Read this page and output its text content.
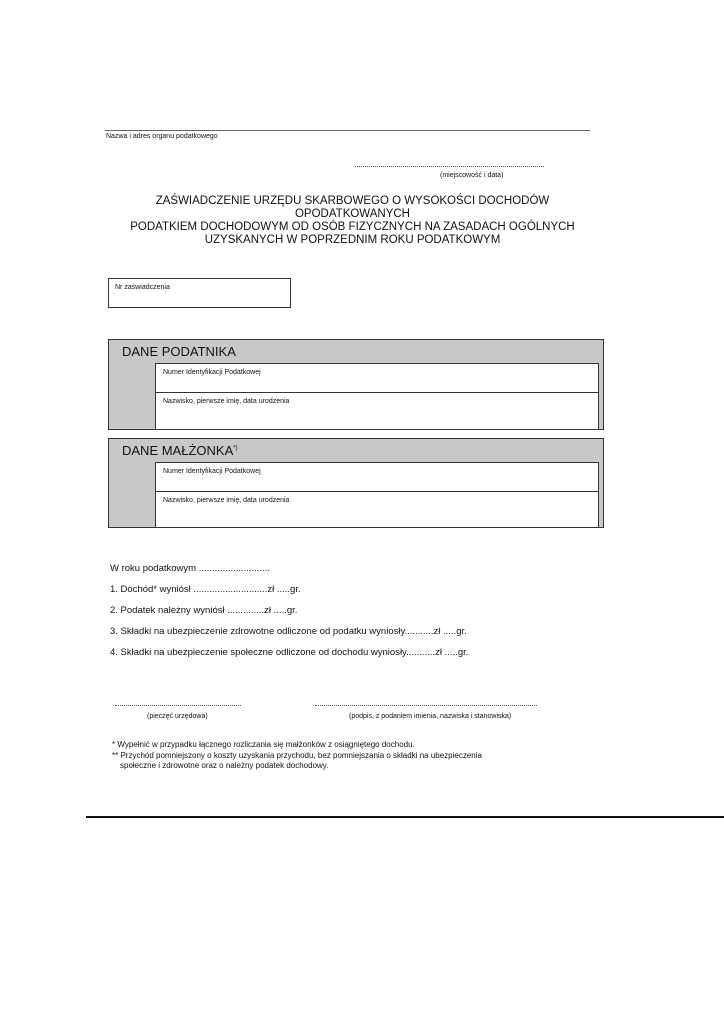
Nazwa i adres organu podatkowego
(miejscowość i data)
ZAŚWIADCZENIE URZĘDU SKARBOWEGO O WYSOKOŚCI DOCHODÓW OPODATKOWANYCH
PODATKIEM DOCHODOWYM OD OSÓB FIZYCZNYCH NA ZASADACH OGÓLNYCH
UZYSKANYCH W POPRZEDNIM ROKU PODATKOWYM
Nr zaświadczenia
DANE PODATNIKA
Numer Identyfikacji Podatkowej
Nazwisko, pierwsze imię, data urodzenia
DANE MAŁŻONKA*)
Numer Identyfikacji Podatkowej
Nazwisko, pierwsze imię, data urodzenia
W roku podatkowym ...........................
1. Dochód* wyniósł ............................zł .....gr.
2. Podatek należny wyniósł ..............zł .....gr.
3. Składki na ubezpieczenie zdrowotne odliczone od podatku wyniosły...........zł .....gr.
4. Składki na ubezpieczenie społeczne odliczone od dochodu wyniosły...........zł .....gr.
(pieczęć urzędowa)	(podpis, z podaniem imienia, nazwiska i stanowiska)
* Wypełnić w przypadku łącznego rozliczania się małżonków z osiągniętego dochodu.
** Przychód pomniejszony o koszty uzyskania przychodu, bez pomniejszania o składki na ubezpieczenia
społeczne i zdrowotne oraz o należny podatek dochodowy.
